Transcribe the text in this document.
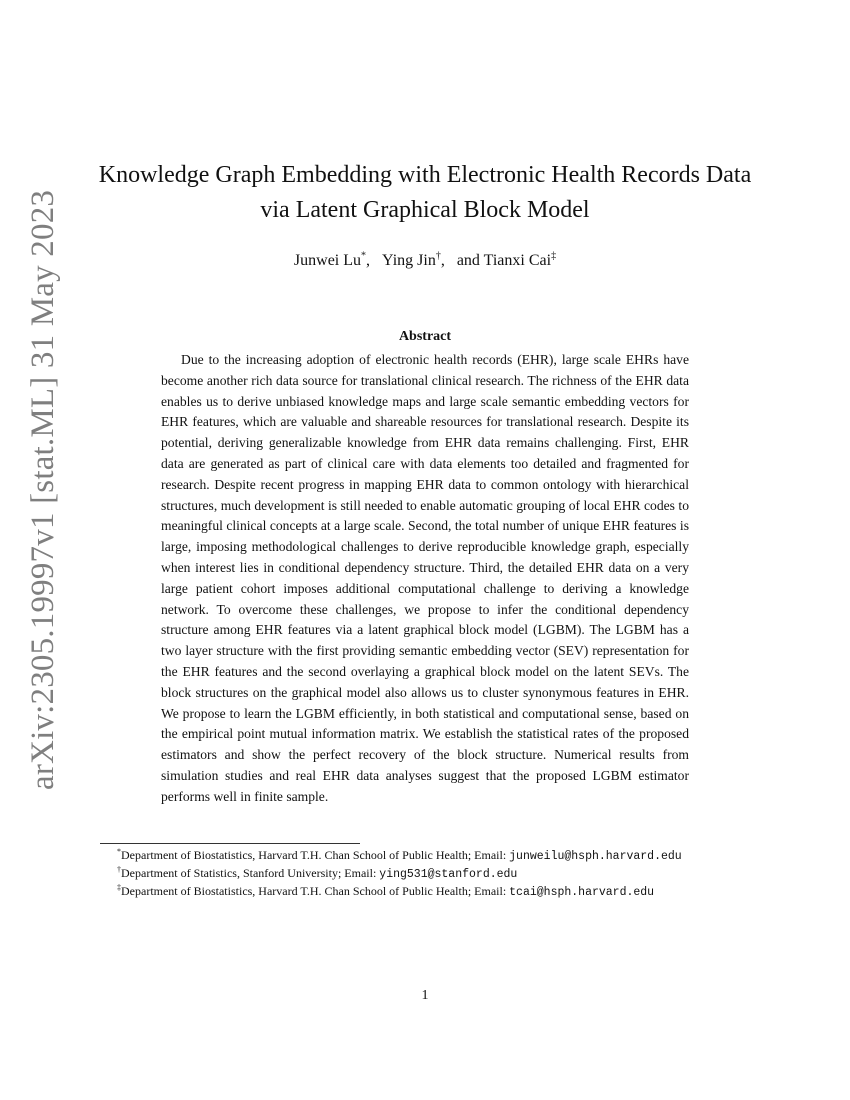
arXiv:2305.19997v1 [stat.ML] 31 May 2023
Knowledge Graph Embedding with Electronic Health Records Data
via Latent Graphical Block Model
Junwei Lu*, Ying Jin†, and Tianxi Cai‡
Abstract

Due to the increasing adoption of electronic health records (EHR), large scale EHRs have become another rich data source for translational clinical research. The richness of the EHR data enables us to derive unbiased knowledge maps and large scale semantic embedding vectors for EHR features, which are valuable and shareable resources for translational research. Despite its potential, deriving generalizable knowledge from EHR data remains challenging. First, EHR data are generated as part of clinical care with data elements too detailed and fragmented for research. Despite recent progress in mapping EHR data to common ontology with hierarchical structures, much development is still needed to enable automatic grouping of local EHR codes to meaningful clinical concepts at a large scale. Second, the total number of unique EHR features is large, imposing methodological challenges to derive reproducible knowledge graph, especially when interest lies in conditional dependency structure. Third, the detailed EHR data on a very large patient cohort imposes additional computational challenge to deriving a knowledge network. To overcome these challenges, we propose to infer the conditional dependency structure among EHR features via a latent graphical block model (LGBM). The LGBM has a two layer structure with the first providing semantic embedding vector (SEV) representation for the EHR features and the second overlaying a graphical block model on the latent SEVs. The block structures on the graphical model also allows us to cluster synonymous features in EHR. We propose to learn the LGBM efficiently, in both statistical and computational sense, based on the empirical point mutual information matrix. We establish the statistical rates of the proposed estimators and show the perfect recovery of the block structure. Numerical results from simulation studies and real EHR data analyses suggest that the proposed LGBM estimator performs well in finite sample.

*Department of Biostatistics, Harvard T.H. Chan School of Public Health; Email: junweilu@hsph.harvard.edu
†Department of Statistics, Stanford University; Email: ying531@stanford.edu
‡Department of Biostatistics, Harvard T.H. Chan School of Public Health; Email: tcai@hsph.harvard.edu
1
